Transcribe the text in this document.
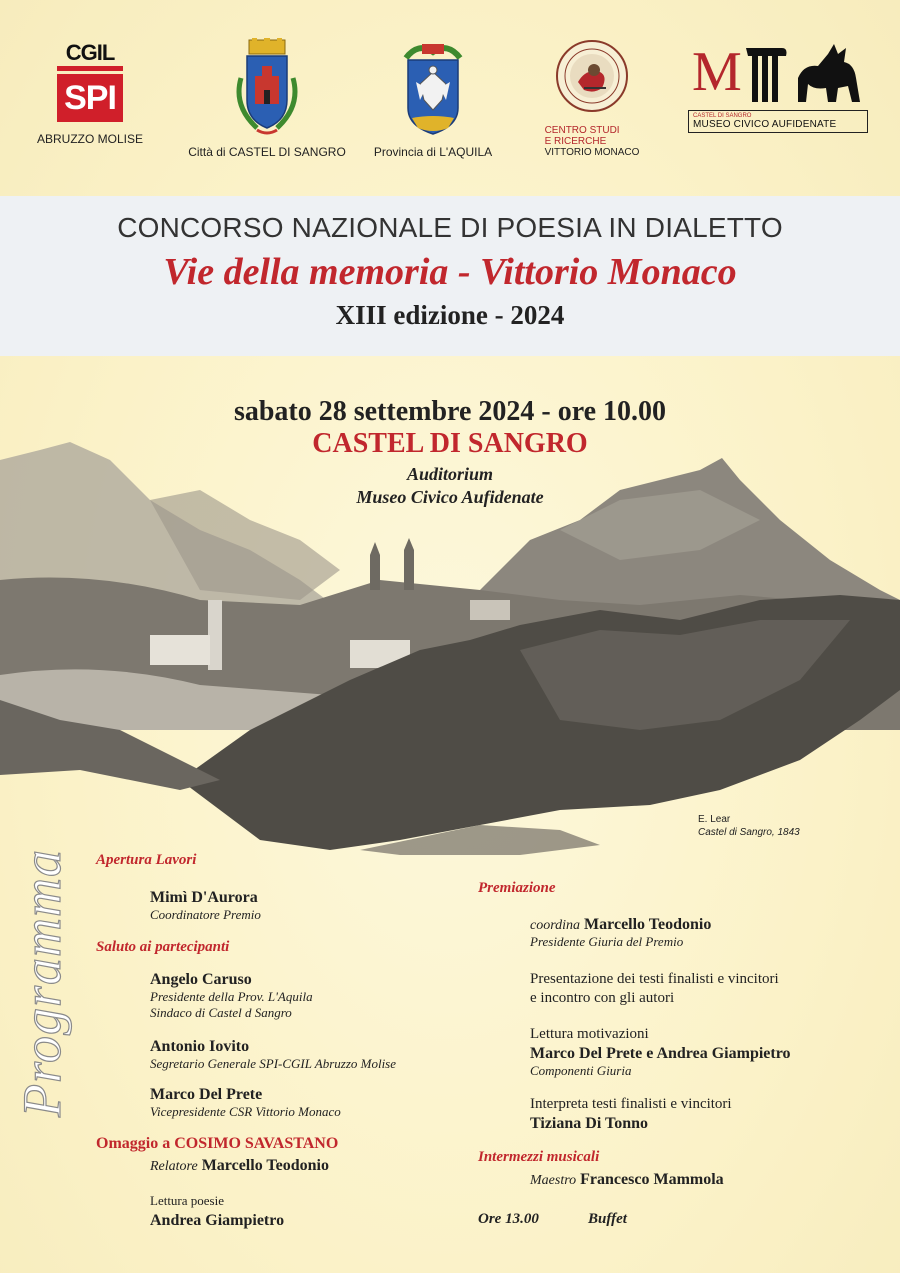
CGIL
SPI
ABRUZZO MOLISE
Città di CASTEL DI SANGRO	Provincia di L'AQUILA

CENTRO STUDI
E RICERCHE
VITTORIO MONACO
M
CASTEL DI SANGRO
MUSEO CIVICO AUFIDENATE
CONCORSO NAZIONALE DI POESIA IN DIALETTO
Vie della memoria - Vittorio Monaco
XIII edizione - 2024
sabato 28 settembre 2024 - ore 10.00
CASTEL DI SANGRO
Auditorium
Museo Civico Aufidenate
E. Lear
Castel di Sangro, 1843
Programma Apertura Lavori
Mimì D'Aurora
Coordinatore Premio
Saluto ai partecipanti
Angelo Caruso
Presidente della Prov. L'Aquila
Sindaco di Castel d Sangro
Antonio Iovito
Segretario Generale SPI-CGIL Abruzzo Molise
Marco Del Prete
Vicepresidente CSR Vittorio Monaco
Omaggio a COSIMO SAVASTANO
Relatore Marcello Teodonio
Lettura poesie
Andrea Giampietro
Premiazione
coordina Marcello Teodonio
Presidente Giuria del Premio
Presentazione dei testi finalisti e vincitori
e incontro con gli autori
Lettura motivazioni
Marco Del Prete e Andrea Giampietro
Componenti Giuria
Interpreta testi finalisti e vincitori
Tiziana Di Tonno
Intermezzi musicali
Maestro Francesco Mammola
Ore 13.00	Buffet
